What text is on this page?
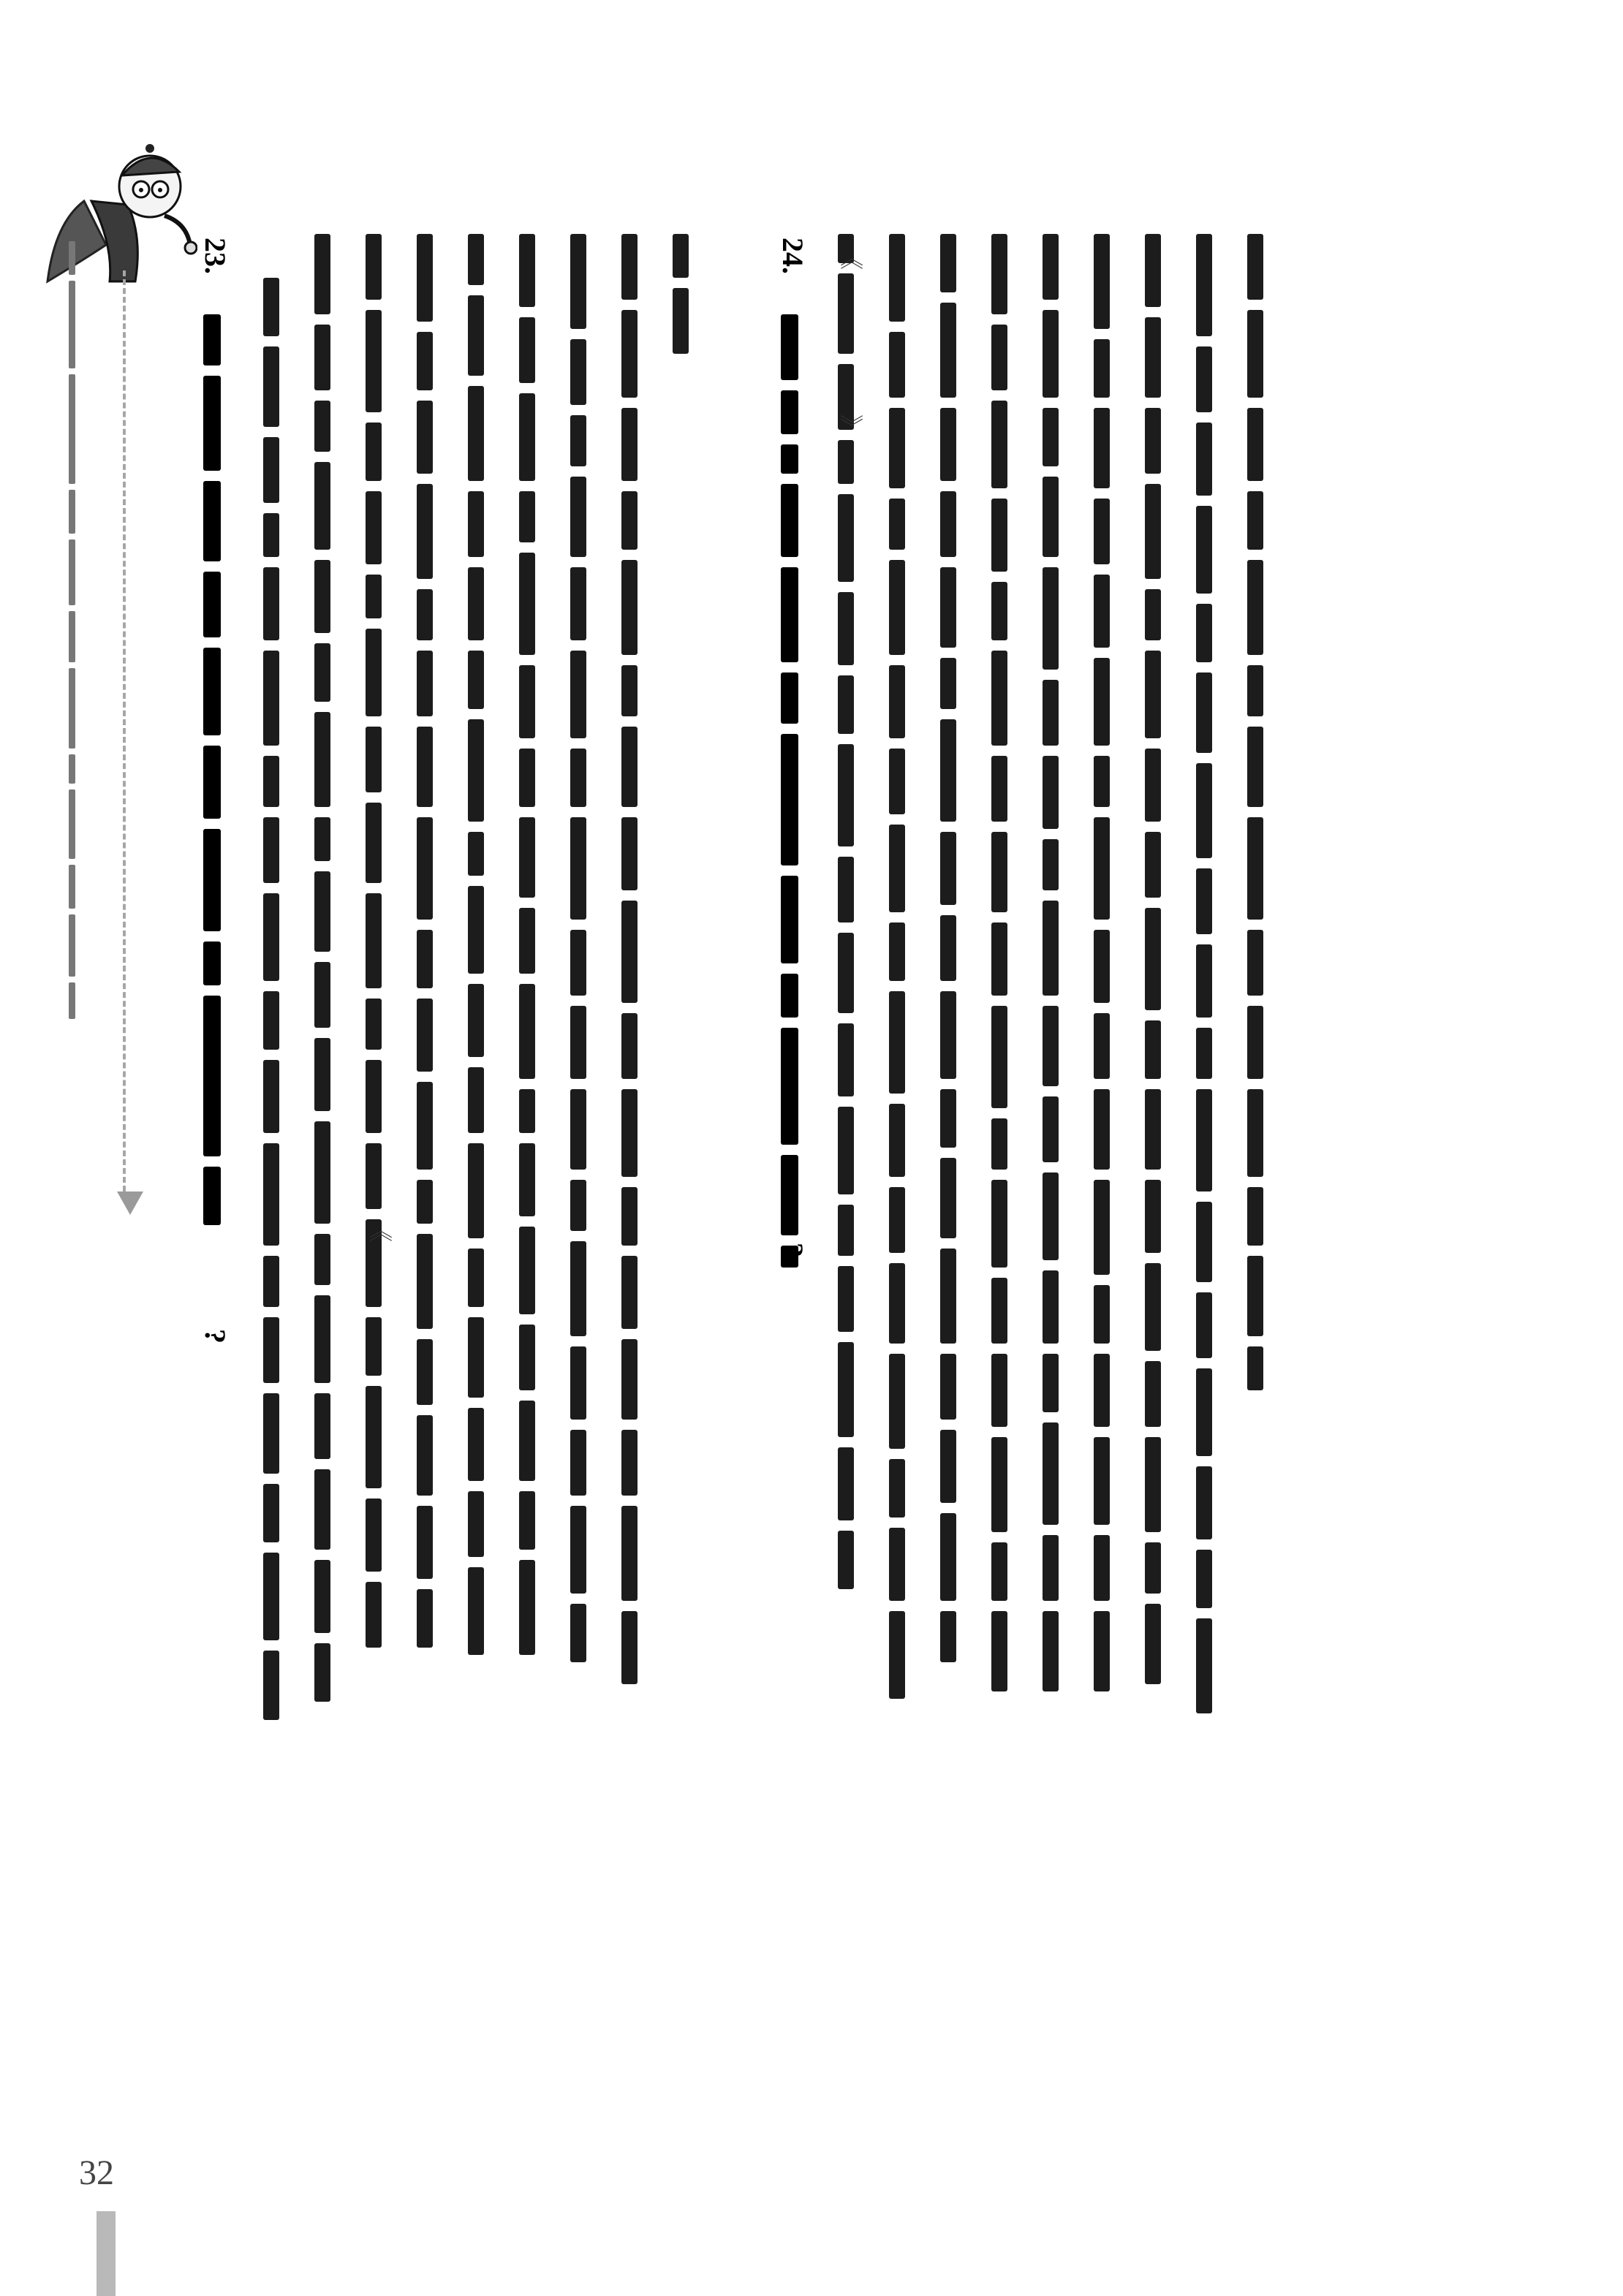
23.
?
《
24.
?
《
》
32
